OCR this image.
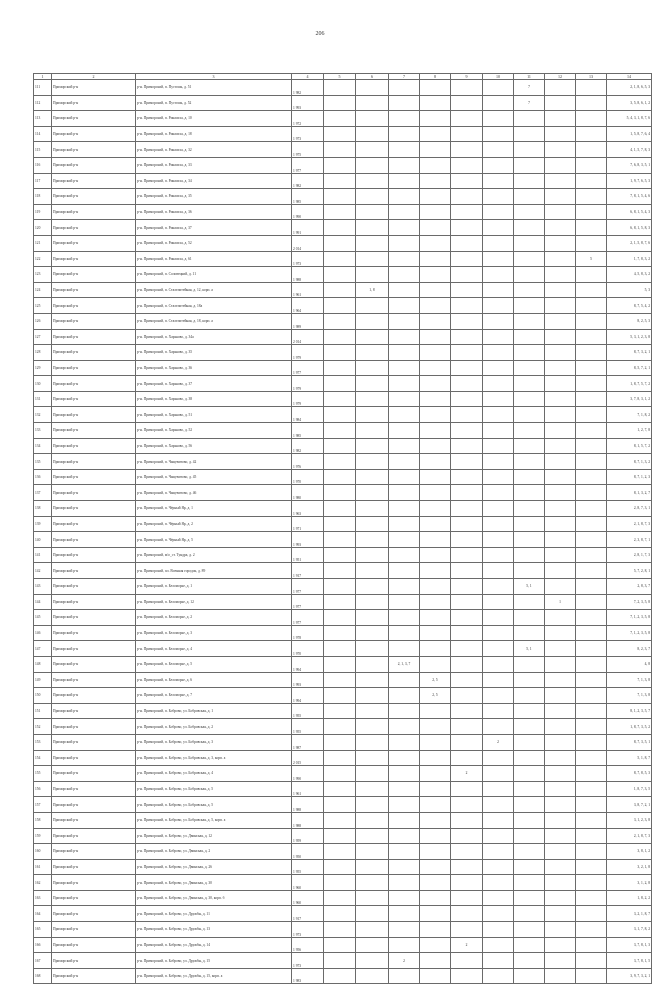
206
1	2	3	4	5	6	7	8	9	10	11	12	13	14
111	Приморский р-н	р-н. Приморский, п. Пустошь, д. 51	1 982							7			2, 1, 8, 6, 5, 3
112	Приморский р-н	р-н. Приморский, п. Пустошь, д. 52	1 993							7			3, 5, 8, 6, 1, 2
113	Приморский р-н	р-н. Приморский, п. Рикасиха, д. 10	1 972										5, 4, 3, 1, 8, 7, 6
114	Приморский р-н	р-н. Приморский, п. Рикасиха, д. 18	1 973										1, 5, 8, 7, 6, 4
115	Приморский р-н	р-н. Приморский, п. Рикасиха, д. 32	1 975										4, 1, 5, 7, 8, 3
116	Приморский р-н	р-н. Приморский, п. Рикасиха, д. 33	1 977										7, 6, 8, 3, 5, 1
117	Приморский р-н	р-н. Приморский, п. Рикасиха, д. 34	1 982										1, 9, 7, 6, 5, 3
118	Приморский р-н	р-н. Приморский, п. Рикасиха, д. 35	1 985										7, 8, 1, 5, 4, 6
119	Приморский р-н	р-н. Приморский, п. Рикасиха, д. 36	1 990										6, 8, 1, 5, 4, 3
120	Приморский р-н	р-н. Приморский, п. Рикасиха, д. 37	1 991										6, 8, 1, 5, 8, 3
121	Приморский р-н	р-н. Приморский, п. Рикасиха, д. 52	2 014										2, 1, 5, 8, 7, 6
122	Приморский р-н	р-н. Приморский, п. Рикасиха, д. 61	1 973									5	1, 7, 8, 3, 2
123	Приморский р-н	р-н. Приморский, п. Соловецкий, д. 11	1 988										4, 5, 8, 3, 2
124	Приморский р-н	р-н. Приморский, п. Сталелитейная, д. 12, корп. а	1 961		1, 8								5, 3
125	Приморский р-н	р-н. Приморский, п. Сталелитейная, д. 18а	1 964										8, 7, 5, 4, 2
126	Приморский р-н	р-н. Приморский, п. Сталелитейная, д. 18, корп. а	1 989										8, 2, 5, 3
127	Приморский р-н	р-н. Приморский, п. Харьково, д. 34а	2 014										5, 3, 1, 2, 3, 8
128	Приморский р-н	р-н. Приморский, п. Харьково, д. 35	1 979										8, 7, 3, 2, 1
129	Приморский р-н	р-н. Приморский, п. Харьково, д. 36	1 977										8, 5, 7, 2, 1
130	Приморский р-н	р-н. Приморский, п. Харьково, д. 37	1 979										1, 8, 7, 5, 7, 2
131	Приморский р-н	р-н. Приморский, п. Харьково, д. 38	1 979										3, 7, 8, 3, 1, 2
132	Приморский р-н	р-н. Приморский, п. Харьково, д. 51	1 984										7, 1, 8, 2
133	Приморский р-н	р-н. Приморский, п. Харьково, д. 52	1 985										1, 2, 7, 8
134	Приморский р-н	р-н. Приморский, п. Харьково, д. 56	1 982										8, 1, 5, 7, 2
135	Приморский р-н	р-н. Приморский, п. Чащевитово, д. 42	1 976										8, 7, 1, 3, 2
136	Приморский р-н	р-н. Приморский, п. Чащевитово, д. 45	1 970										8, 7, 1, 2, 3
137	Приморский р-н	р-н. Приморский, п. Чащевитово, д. 46	1 980										8, 1, 3, 2, 7
138	Приморский р-н	р-н. Приморский, п. Чёрный Яр, д. 1	1 963										2, 8, 7, 3, 1
139	Приморский р-н	р-н. Приморский, п. Чёрный Яр, д. 2	1 971										2, 1, 8, 7, 3
140	Приморский р-н	р-н. Приморский, п. Чёрный Яр, д. 5	1 993										2, 3, 8, 7, 1
141	Приморский р-н	р-н. Приморский, м/о_ст. Тундра, д. 2	1 951										2, 8, 1, 7, 3
142	Приморский р-н	р-н. Приморский, пл. Военная городок, д. 89	1 917										5, 7, 2, 8, 1
143	Приморский р-н	р-н. Приморский, п. Беломорье, д. 1	1 977							5, 1			2, 8, 3, 7
144	Приморский р-н	р-н. Приморский, п. Беломорье, д. 12	1 977								1		7, 2, 3, 5, 8
145	Приморский р-н	р-н. Приморский, п. Беломорье, д. 2	1 977										7, 1, 2, 3, 5, 8
146	Приморский р-н	р-н. Приморский, п. Беломорье, д. 3	1 978										7, 1, 2, 3, 5, 8
147	Приморский р-н	р-н. Приморский, п. Беломорье, д. 4	1 970							5, 1			8, 2, 3, 7
148	Приморский р-н	р-н. Приморский, п. Беломорье, д. 5	1 994			2, 1, 3, 7							4, 8
149	Приморский р-н	р-н. Приморский, п. Беломорье, д. 6	1 993				2, 5						7, 1, 3, 8
150	Приморский р-н	р-н. Приморский, п. Беломорье, д. 7	1 994				2, 5						7, 1, 3, 8
151	Приморский р-н	р-н. Приморский, п. Боброво, ул. Бобровская, д. 1	1 955										8, 1, 2, 3, 5, 7
152	Приморский р-н	р-н. Приморский, п. Боброво, ул. Бобровская, д. 2	1 955										1, 8, 7, 3, 5, 2
153	Приморский р-н	р-н. Приморский, п. Боброво, ул. Бобровская, д. 3	1 987						2				8, 7, 3, 5, 1
154	Приморский р-н	р-н. Приморский, п. Боброво, ул. Бобровская, д. 3, корп. а	2 015										5, 1, 8, 7
155	Приморский р-н	р-н. Приморский, п. Боброво, ул. Бобровская, д. 4	1 990					2					8, 7, 8, 5, 3
156	Приморский р-н	р-н. Приморский, п. Боброво, ул. Бобровская, д. 5	1 961										1, 8, 7, 3, 5
157	Приморский р-н	р-н. Приморский, п. Боброво, ул. Бобровская, д. 5	1 988										3, 8, 7, 2, 1
158	Приморский р-н	р-н. Приморский, п. Боброво, ул. Бобровская, д. 5, корп. а	1 988										3, 1, 2, 3, 8
159	Приморский р-н	р-н. Приморский, п. Боброво, ул. Двинская, д. 12	1 959										2, 1, 8, 7, 3
160	Приморский р-н	р-н. Приморский, п. Боброво, ул. Двинская, д. 2	1 950										3, 8, 1, 2
161	Приморский р-н	р-н. Приморский, п. Боброво, ул. Двинская, д. 26	1 955										3, 2, 1, 8
162	Приморский р-н	р-н. Приморский, п. Боброво, ул. Двинская, д. 30	1 960										3, 1, 2, 8
163	Приморский р-н	р-н. Приморский, п. Боброво, ул. Двинская, д. 30, корп. б	1 960										1, 8, 2, 2
164	Приморский р-н	р-н. Приморский, п. Боброво, ул. Дружбы, д. 11	1 917										3, 2, 1, 8, 7
165	Приморский р-н	р-н. Приморский, п. Боброво, ул. Дружбы, д. 13	1 973										3, 1, 7, 8, 2
166	Приморский р-н	р-н. Приморский, п. Боброво, ул. Дружбы, д. 14	1 956					2					3, 7, 8, 1, 3
167	Приморский р-н	р-н. Приморский, п. Боброво, ул. Дружбы, д. 15	1 973			2							3, 7, 8, 1, 5
168	Приморский р-н	р-н. Приморский, п. Боброво, ул. Дружбы, д. 15, корп. а	1 983										3, 9, 7, 3, 2, 1
